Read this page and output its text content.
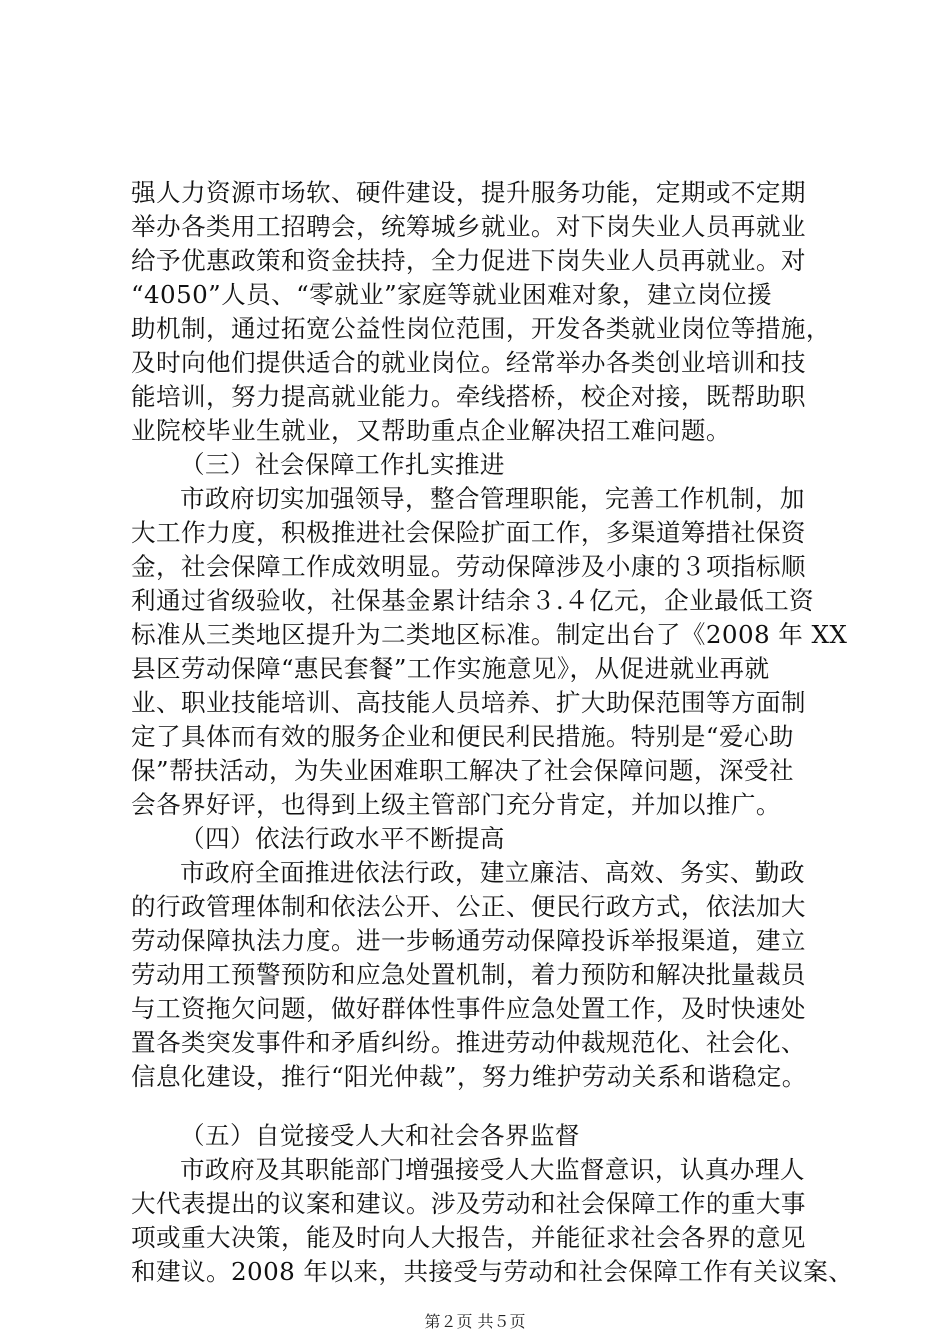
强人力资源市场软、硬件建设，提升服务功能，定期或不定期
举办各类用工招聘会，统筹城乡就业。对下岗失业人员再就业
给予优惠政策和资金扶持，全力促进下岗失业人员再就业。对
“4050”人员、“零就业”家庭等就业困难对象，建立岗位援
助机制，通过拓宽公益性岗位范围，开发各类就业岗位等措施，
及时向他们提供适合的就业岗位。经常举办各类创业培训和技
能培训，努力提高就业能力。牵线搭桥，校企对接，既帮助职
业院校毕业生就业，又帮助重点企业解决招工难问题。
（三）社会保障工作扎实推进
市政府切实加强领导，整合管理职能，完善工作机制，加
大工作力度，积极推进社会保险扩面工作，多渠道筹措社保资
金，社会保障工作成效明显。劳动保障涉及小康的３项指标顺
利通过省级验收，社保基金累计结余３.４亿元，企业最低工资
标准从三类地区提升为二类地区标准。制定出台了《2008 年 XX
县区劳动保障“惠民套餐”工作实施意见》，从促进就业再就
业、职业技能培训、高技能人员培养、扩大助保范围等方面制
定了具体而有效的服务企业和便民利民措施。特别是“爱心助
保”帮扶活动，为失业困难职工解决了社会保障问题，深受社
会各界好评，也得到上级主管部门充分肯定，并加以推广。
（四）依法行政水平不断提高
市政府全面推进依法行政，建立廉洁、高效、务实、勤政
的行政管理体制和依法公开、公正、便民行政方式，依法加大
劳动保障执法力度。进一步畅通劳动保障投诉举报渠道，建立
劳动用工预警预防和应急处置机制，着力预防和解决批量裁员
与工资拖欠问题，做好群体性事件应急处置工作，及时快速处
置各类突发事件和矛盾纠纷。推进劳动仲裁规范化、社会化、
信息化建设，推行“阳光仲裁”，努力维护劳动关系和谐稳定。
（五）自觉接受人大和社会各界监督
市政府及其职能部门增强接受人大监督意识，认真办理人
大代表提出的议案和建议。涉及劳动和社会保障工作的重大事
项或重大决策，能及时向人大报告，并能征求社会各界的意见
和建议。2008 年以来，共接受与劳动和社会保障工作有关议案、
第２页 共５页
